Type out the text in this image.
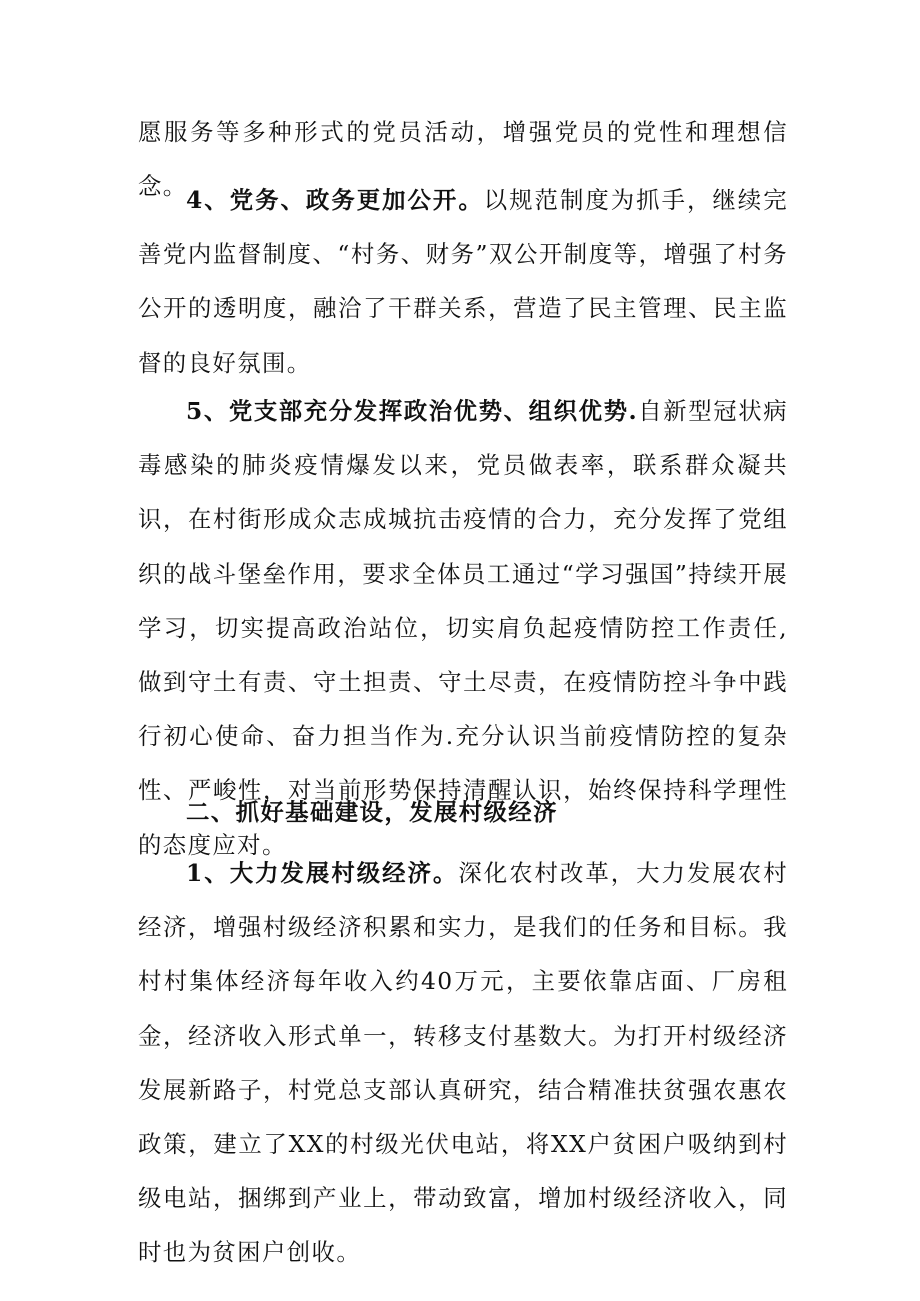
愿服务等多种形式的党员活动，增强党员的党性和理想信念。

4、党务、政务更加公开。以规范制度为抓手，继续完善党内监督制度、“村务、财务”双公开制度等，增强了村务公开的透明度，融洽了干群关系，营造了民主管理、民主监督的良好氛围。

5、党支部充分发挥政治优势、组织优势.自新型冠状病毒感染的肺炎疫情爆发以来，党员做表率，联系群众凝共识，在村街形成众志成城抗击疫情的合力，充分发挥了党组织的战斗堡垒作用，要求全体员工通过“学习强国”持续开展学习，切实提高政治站位，切实肩负起疫情防控工作责任,做到守土有责、守土担责、守土尽责，在疫情防控斗争中践行初心使命、奋力担当作为.充分认识当前疫情防控的复杂性、严峻性，对当前形势保持清醒认识，始终保持科学理性的态度应对。

二、抓好基础建设，发展村级经济

1、大力发展村级经济。深化农村改革，大力发展农村经济，增强村级经济积累和实力，是我们的任务和目标。我村村集体经济每年收入约40万元，主要依靠店面、厂房租金，经济收入形式单一，转移支付基数大。为打开村级经济发展新路子，村党总支部认真研究，结合精准扶贫强农惠农政策，建立了XX的村级光伏电站，将XX户贫困户吸纳到村级电站，捆绑到产业上，带动致富，增加村级经济收入，同时也为贫困户创收。
